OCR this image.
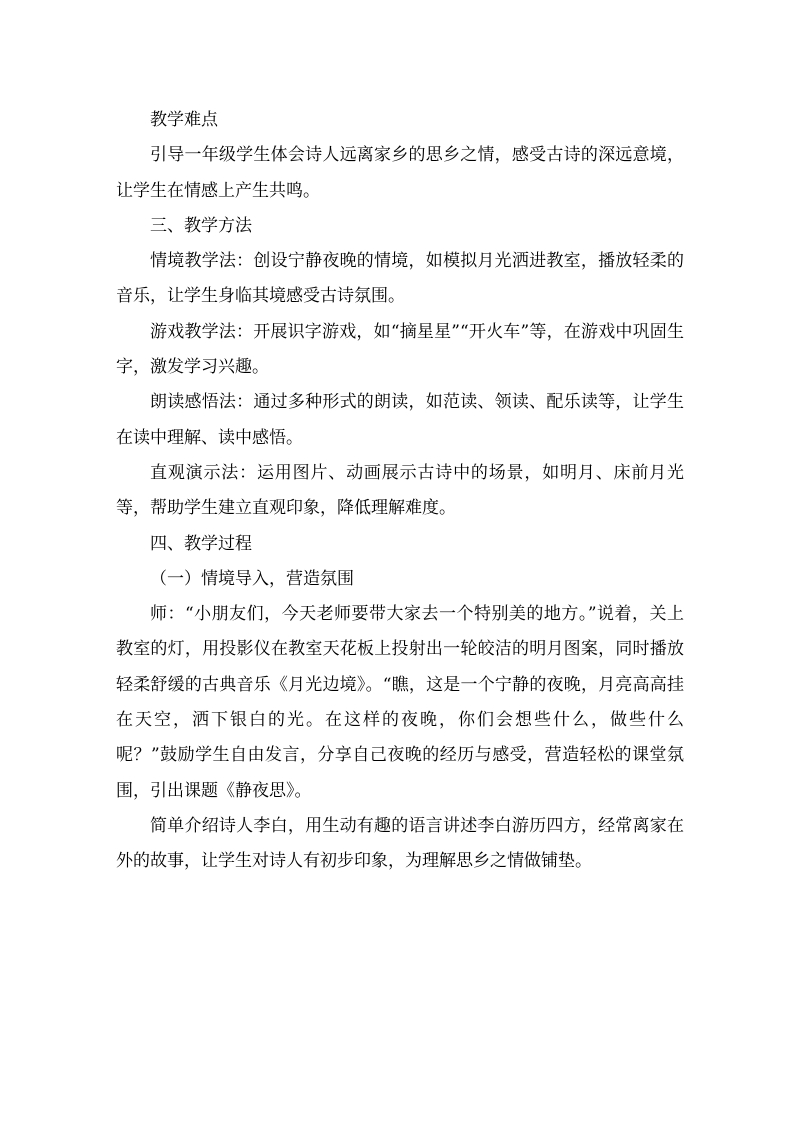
教学难点

引导一年级学生体会诗人远离家乡的思乡之情，感受古诗的深远意境，让学生在情感上产生共鸣。

三、教学方法

情境教学法：创设宁静夜晚的情境，如模拟月光洒进教室，播放轻柔的音乐，让学生身临其境感受古诗氛围。

游戏教学法：开展识字游戏，如“摘星星”“开火车”等，在游戏中巩固生字，激发学习兴趣。

朗读感悟法：通过多种形式的朗读，如范读、领读、配乐读等，让学生在读中理解、读中感悟。

直观演示法：运用图片、动画展示古诗中的场景，如明月、床前月光等，帮助学生建立直观印象，降低理解难度。

四、教学过程

（一）情境导入，营造氛围

师：“小朋友们，今天老师要带大家去一个特别美的地方。”说着，关上教室的灯，用投影仪在教室天花板上投射出一轮皎洁的明月图案，同时播放轻柔舒缓的古典音乐《月光边境》。“瞧，这是一个宁静的夜晚，月亮高高挂在天空，洒下银白的光。在这样的夜晚，你们会想些什么，做些什么呢？”鼓励学生自由发言，分享自己夜晚的经历与感受，营造轻松的课堂氛围，引出课题《静夜思》。

简单介绍诗人李白，用生动有趣的语言讲述李白游历四方，经常离家在外的故事，让学生对诗人有初步印象，为理解思乡之情做铺垫。
